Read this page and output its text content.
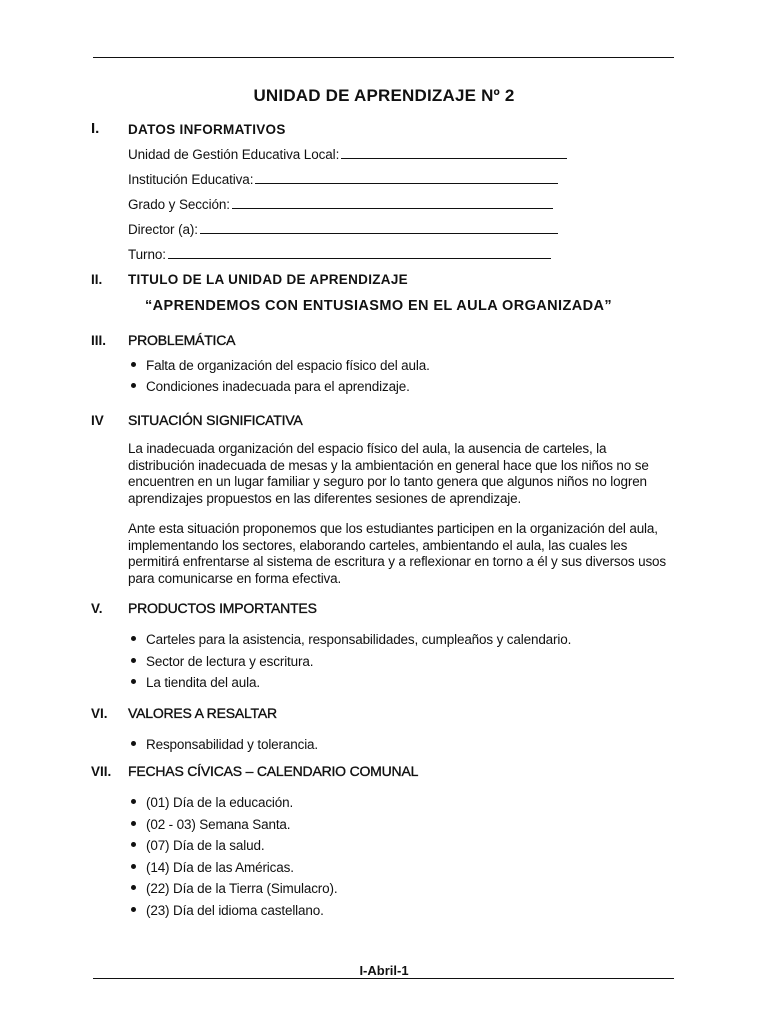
UNIDAD DE APRENDIZAJE Nº 2
I. DATOS INFORMATIVOS
Unidad de Gestión Educativa Local:
Institución Educativa:
Grado y Sección:
Director (a):
Turno:
II. TITULO DE LA UNIDAD DE APRENDIZAJE
“APRENDEMOS CON ENTUSIASMO EN EL AULA ORGANIZADA”
III. PROBLEMÁTICA
Falta de organización del espacio físico del aula.
Condiciones inadecuada para el aprendizaje.
IV SITUACIÓN SIGNIFICATIVA
La inadecuada organización del espacio físico del aula, la ausencia de carteles, la distribución inadecuada de mesas y la ambientación en general hace que los niños no se encuentren en un lugar familiar y seguro por lo tanto genera que algunos niños no logren aprendizajes propuestos en las diferentes sesiones de aprendizaje.
Ante esta situación proponemos que los estudiantes participen en la organización del aula, implementando los sectores, elaborando carteles, ambientando el aula, las cuales les permitirá enfrentarse al sistema de escritura y a reflexionar en torno a él y sus diversos usos para comunicarse en forma efectiva.
V. PRODUCTOS IMPORTANTES
Carteles para la asistencia, responsabilidades, cumpleaños y calendario.
Sector de lectura y escritura.
La tiendita del aula.
VI. VALORES A RESALTAR
Responsabilidad y tolerancia.
VII. FECHAS CÍVICAS – CALENDARIO COMUNAL
(01) Día de la educación.
(02 - 03) Semana Santa.
(07) Día de la salud.
(14) Día de las Américas.
(22) Día de la Tierra (Simulacro).
(23) Día del idioma castellano.
I-Abril-1
